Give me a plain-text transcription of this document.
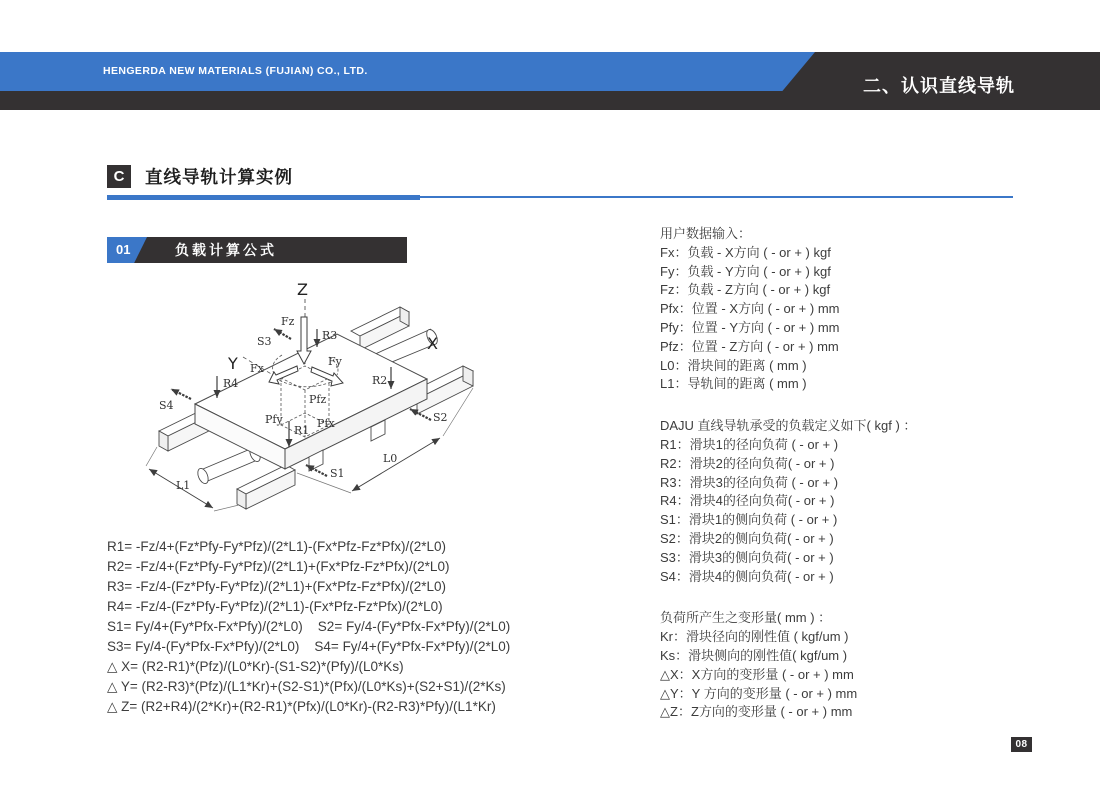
HENGERDA NEW MATERIALS (FUJIAN) CO., LTD.
二、认识直线导轨
C	直线导轨计算实例
01	负载计算公式
Pfz
Pfy	Pfx
Z
X
Y
Fz
Fx
Fy
R1
R2
R3
R4
S1
S2
S3
S4
L1
L0
R1= -Fz/4+(Fz*Pfy-Fy*Pfz)/(2*L1)-(Fx*Pfz-Fz*Pfx)/(2*L0)
R2= -Fz/4+(Fz*Pfy-Fy*Pfz)/(2*L1)+(Fx*Pfz-Fz*Pfx)/(2*L0)
R3= -Fz/4-(Fz*Pfy-Fy*Pfz)/(2*L1)+(Fx*Pfz-Fz*Pfx)/(2*L0)
R4= -Fz/4-(Fz*Pfy-Fy*Pfz)/(2*L1)-(Fx*Pfz-Fz*Pfx)/(2*L0)
S1= Fy/4+(Fy*Pfx-Fx*Pfy)/(2*L0)    S2= Fy/4-(Fy*Pfx-Fx*Pfy)/(2*L0)
S3= Fy/4-(Fy*Pfx-Fx*Pfy)/(2*L0)    S4= Fy/4+(Fy*Pfx-Fx*Pfy)/(2*L0)
△ X= (R2-R1)*(Pfz)/(L0*Kr)-(S1-S2)*(Pfy)/(L0*Ks)
△ Y= (R2-R3)*(Pfz)/(L1*Kr)+(S2-S1)*(Pfx)/(L0*Ks)+(S2+S1)/(2*Ks)
△ Z= (R2+R4)/(2*Kr)+(R2-R1)*(Pfx)/(L0*Kr)-(R2-R3)*Pfy)/(L1*Kr)
用户数据输入：
Fx：负载 - X方向 ( - or + ) kgf
Fy：负载 - Y方向 ( - or + ) kgf
Fz：负载 - Z方向 ( - or + ) kgf
Pfx：位置 - X方向 ( - or + ) mm
Pfy：位置 - Y方向 ( - or + ) mm
Pfz：位置 - Z方向 ( - or + ) mm
L0：滑块间的距离 ( mm )
L1：导轨间的距离 ( mm )
DAJU 直线导轨承受的负载定义如下( kgf ) ：
R1：滑块1的径向负荷 ( - or + )
R2：滑块2的径向负荷( - or + )
R3：滑块3的径向负荷 ( - or + )
R4：滑块4的径向负荷( - or + )
S1：滑块1的侧向负荷 ( - or + )
S2：滑块2的侧向负荷( - or + )
S3：滑块3的侧向负荷( - or + )
S4：滑块4的侧向负荷( - or + )
负荷所产生之变形量( mm ) ：
Kr：滑块径向的刚性值 ( kgf/um )
Ks：滑块侧向的刚性值( kgf/um )
△X：X方向的变形量 ( - or + ) mm
△Y：Y 方向的变形量 ( - or + ) mm
△Z：Z方向的变形量 ( - or + ) mm
08
